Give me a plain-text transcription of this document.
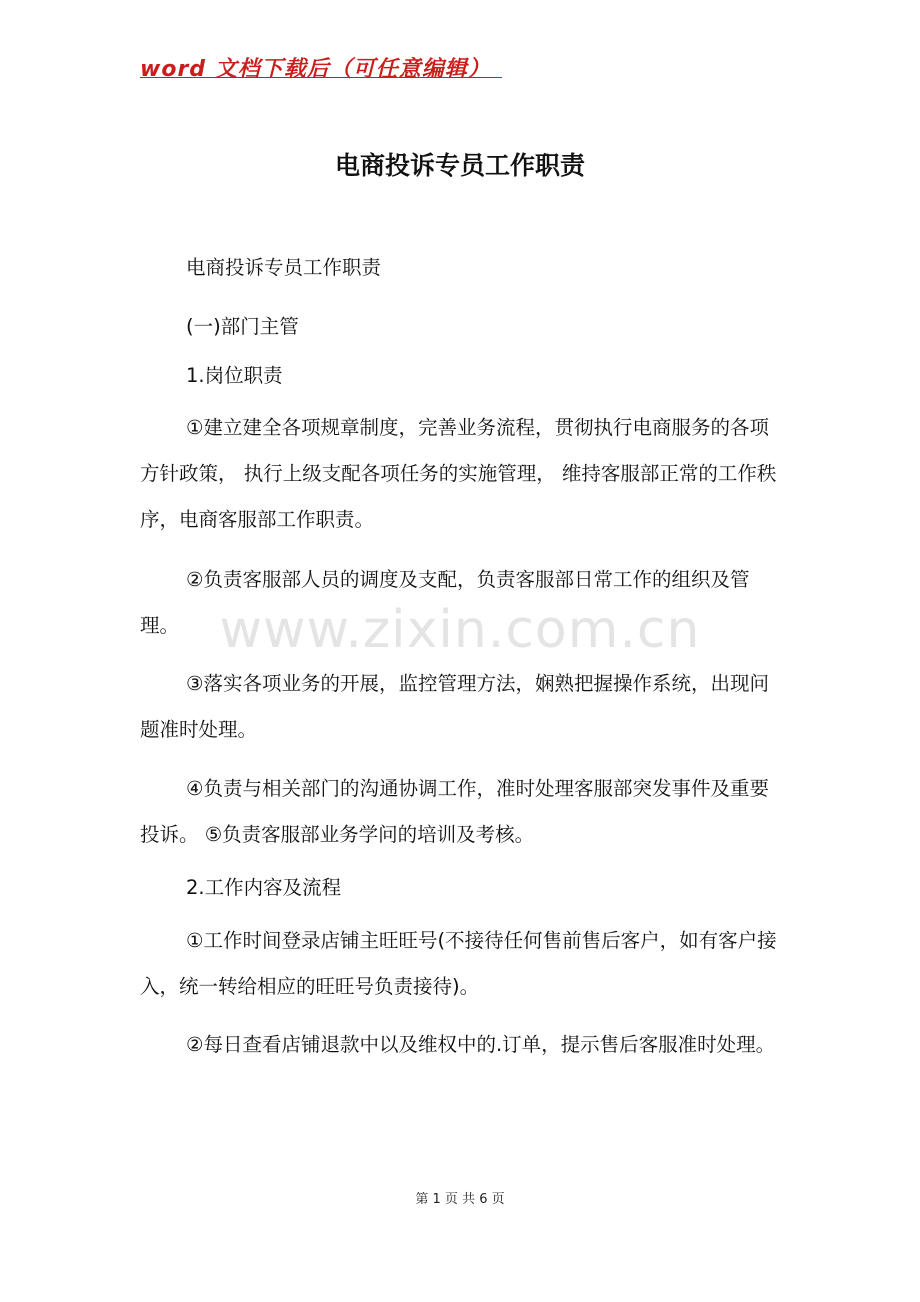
word 文档下载后（可任意编辑）
电商投诉专员工作职责
www.zixin.com.cn

电商投诉专员工作职责

(一)部门主管

1.岗位职责

①建立建全各项规章制度，完善业务流程，贯彻执行电商服务的各项方针政策， 执行上级支配各项任务的实施管理， 维持客服部正常的工作秩序，电商客服部工作职责。

②负责客服部人员的调度及支配，负责客服部日常工作的组织及管理。

③落实各项业务的开展，监控管理方法，娴熟把握操作系统，出现问题准时处理。

④负责与相关部门的沟通协调工作，准时处理客服部突发事件及重要投诉。 ⑤负责客服部业务学问的培训及考核。

2.工作内容及流程

①工作时间登录店铺主旺旺号(不接待任何售前售后客户，如有客户接入，统一转给相应的旺旺号负责接待)。

②每日查看店铺退款中以及维权中的.订单，提示售后客服准时处理。

第 1 页 共 6 页
